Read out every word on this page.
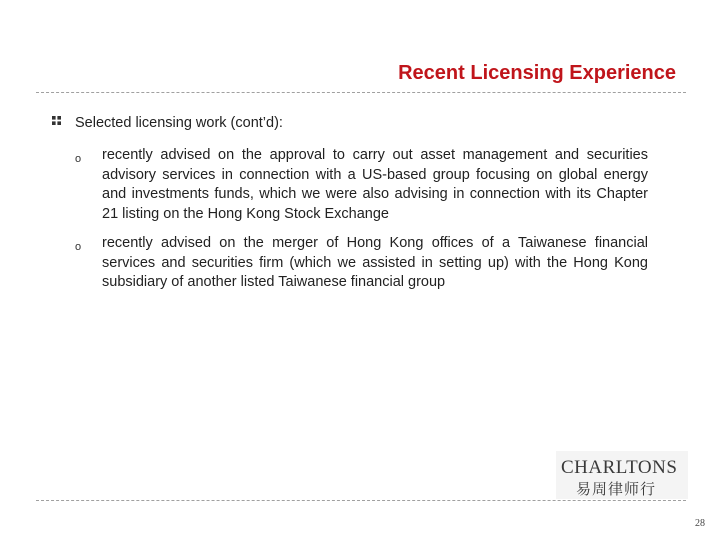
Recent Licensing Experience
Selected licensing work (cont’d):
o recently advised on the approval to carry out asset management and securities advisory services in connection with a US-based group focusing on global energy and investments funds, which we were also advising in connection with its Chapter 21 listing on the Hong Kong Stock Exchange
o recently advised on the merger of Hong Kong offices of a Taiwanese financial services and securities firm (which we assisted in setting up) with the Hong Kong subsidiary of another listed Taiwanese financial group
CHARLTONS
易周律师行
28
